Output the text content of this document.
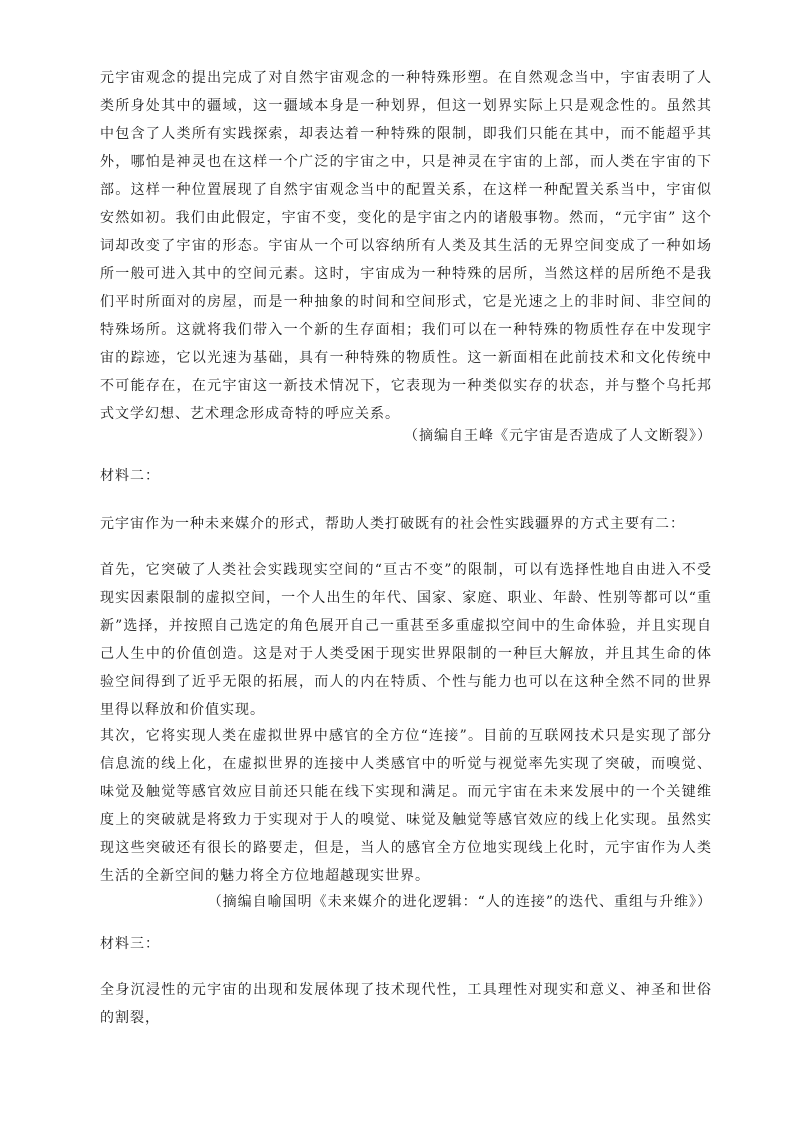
元宇宙观念的提出完成了对自然宇宙观念的一种特殊形塑。在自然观念当中，宇宙表明了人类所身处其中的疆域，这一疆域本身是一种划界，但这一划界实际上只是观念性的。虽然其中包含了人类所有实践探索，却表达着一种特殊的限制，即我们只能在其中，而不能超乎其外，哪怕是神灵也在这样一个广泛的宇宙之中，只是神灵在宇宙的上部，而人类在宇宙的下部。这样一种位置展现了自然宇宙观念当中的配置关系，在这样一种配置关系当中，宇宙似安然如初。我们由此假定，宇宙不变，变化的是宇宙之内的诸般事物。然而，“元宇宙” 这个词却改变了宇宙的形态。宇宙从一个可以容纳所有人类及其生活的无界空间变成了一种如场所一般可进入其中的空间元素。这时，宇宙成为一种特殊的居所，当然这样的居所绝不是我们平时所面对的房屋，而是一种抽象的时间和空间形式，它是光速之上的非时间、非空间的特殊场所。这就将我们带入一个新的生存面相；我们可以在一种特殊的物质性存在中发现宇宙的踪迹，它以光速为基础，具有一种特殊的物质性。这一新面相在此前技术和文化传统中不可能存在，在元宇宙这一新技术情况下，它表现为一种类似实存的状态，并与整个乌托邦式文学幻想、艺术理念形成奇特的呼应关系。

（摘编自王峰《元宇宙是否造成了人文断裂》）

材料二：

元宇宙作为一种未来媒介的形式，帮助人类打破既有的社会性实践疆界的方式主要有二：

首先，它突破了人类社会实践现实空间的“亘古不变”的限制，可以有选择性地自由进入不受现实因素限制的虚拟空间，一个人出生的年代、国家、家庭、职业、年龄、性别等都可以“重新”选择，并按照自己选定的角色展开自己一重甚至多重虚拟空间中的生命体验，并且实现自己人生中的价值创造。这是对于人类受困于现实世界限制的一种巨大解放，并且其生命的体验空间得到了近乎无限的拓展，而人的内在特质、个性与能力也可以在这种全然不同的世界里得以释放和价值实现。

其次，它将实现人类在虚拟世界中感官的全方位“连接”。目前的互联网技术只是实现了部分信息流的线上化，在虚拟世界的连接中人类感官中的听觉与视觉率先实现了突破，而嗅觉、味觉及触觉等感官效应目前还只能在线下实现和满足。而元宇宙在未来发展中的一个关键维度上的突破就是将致力于实现对于人的嗅觉、味觉及触觉等感官效应的线上化实现。虽然实现这些突破还有很长的路要走，但是，当人的感官全方位地实现线上化时，元宇宙作为人类生活的全新空间的魅力将全方位地超越现实世界。

（摘编自喻国明《未来媒介的进化逻辑：“人的连接”的迭代、重组与升维》）

材料三：

全身沉浸性的元宇宙的出现和发展体现了技术现代性，工具理性对现实和意义、神圣和世俗的割裂，
